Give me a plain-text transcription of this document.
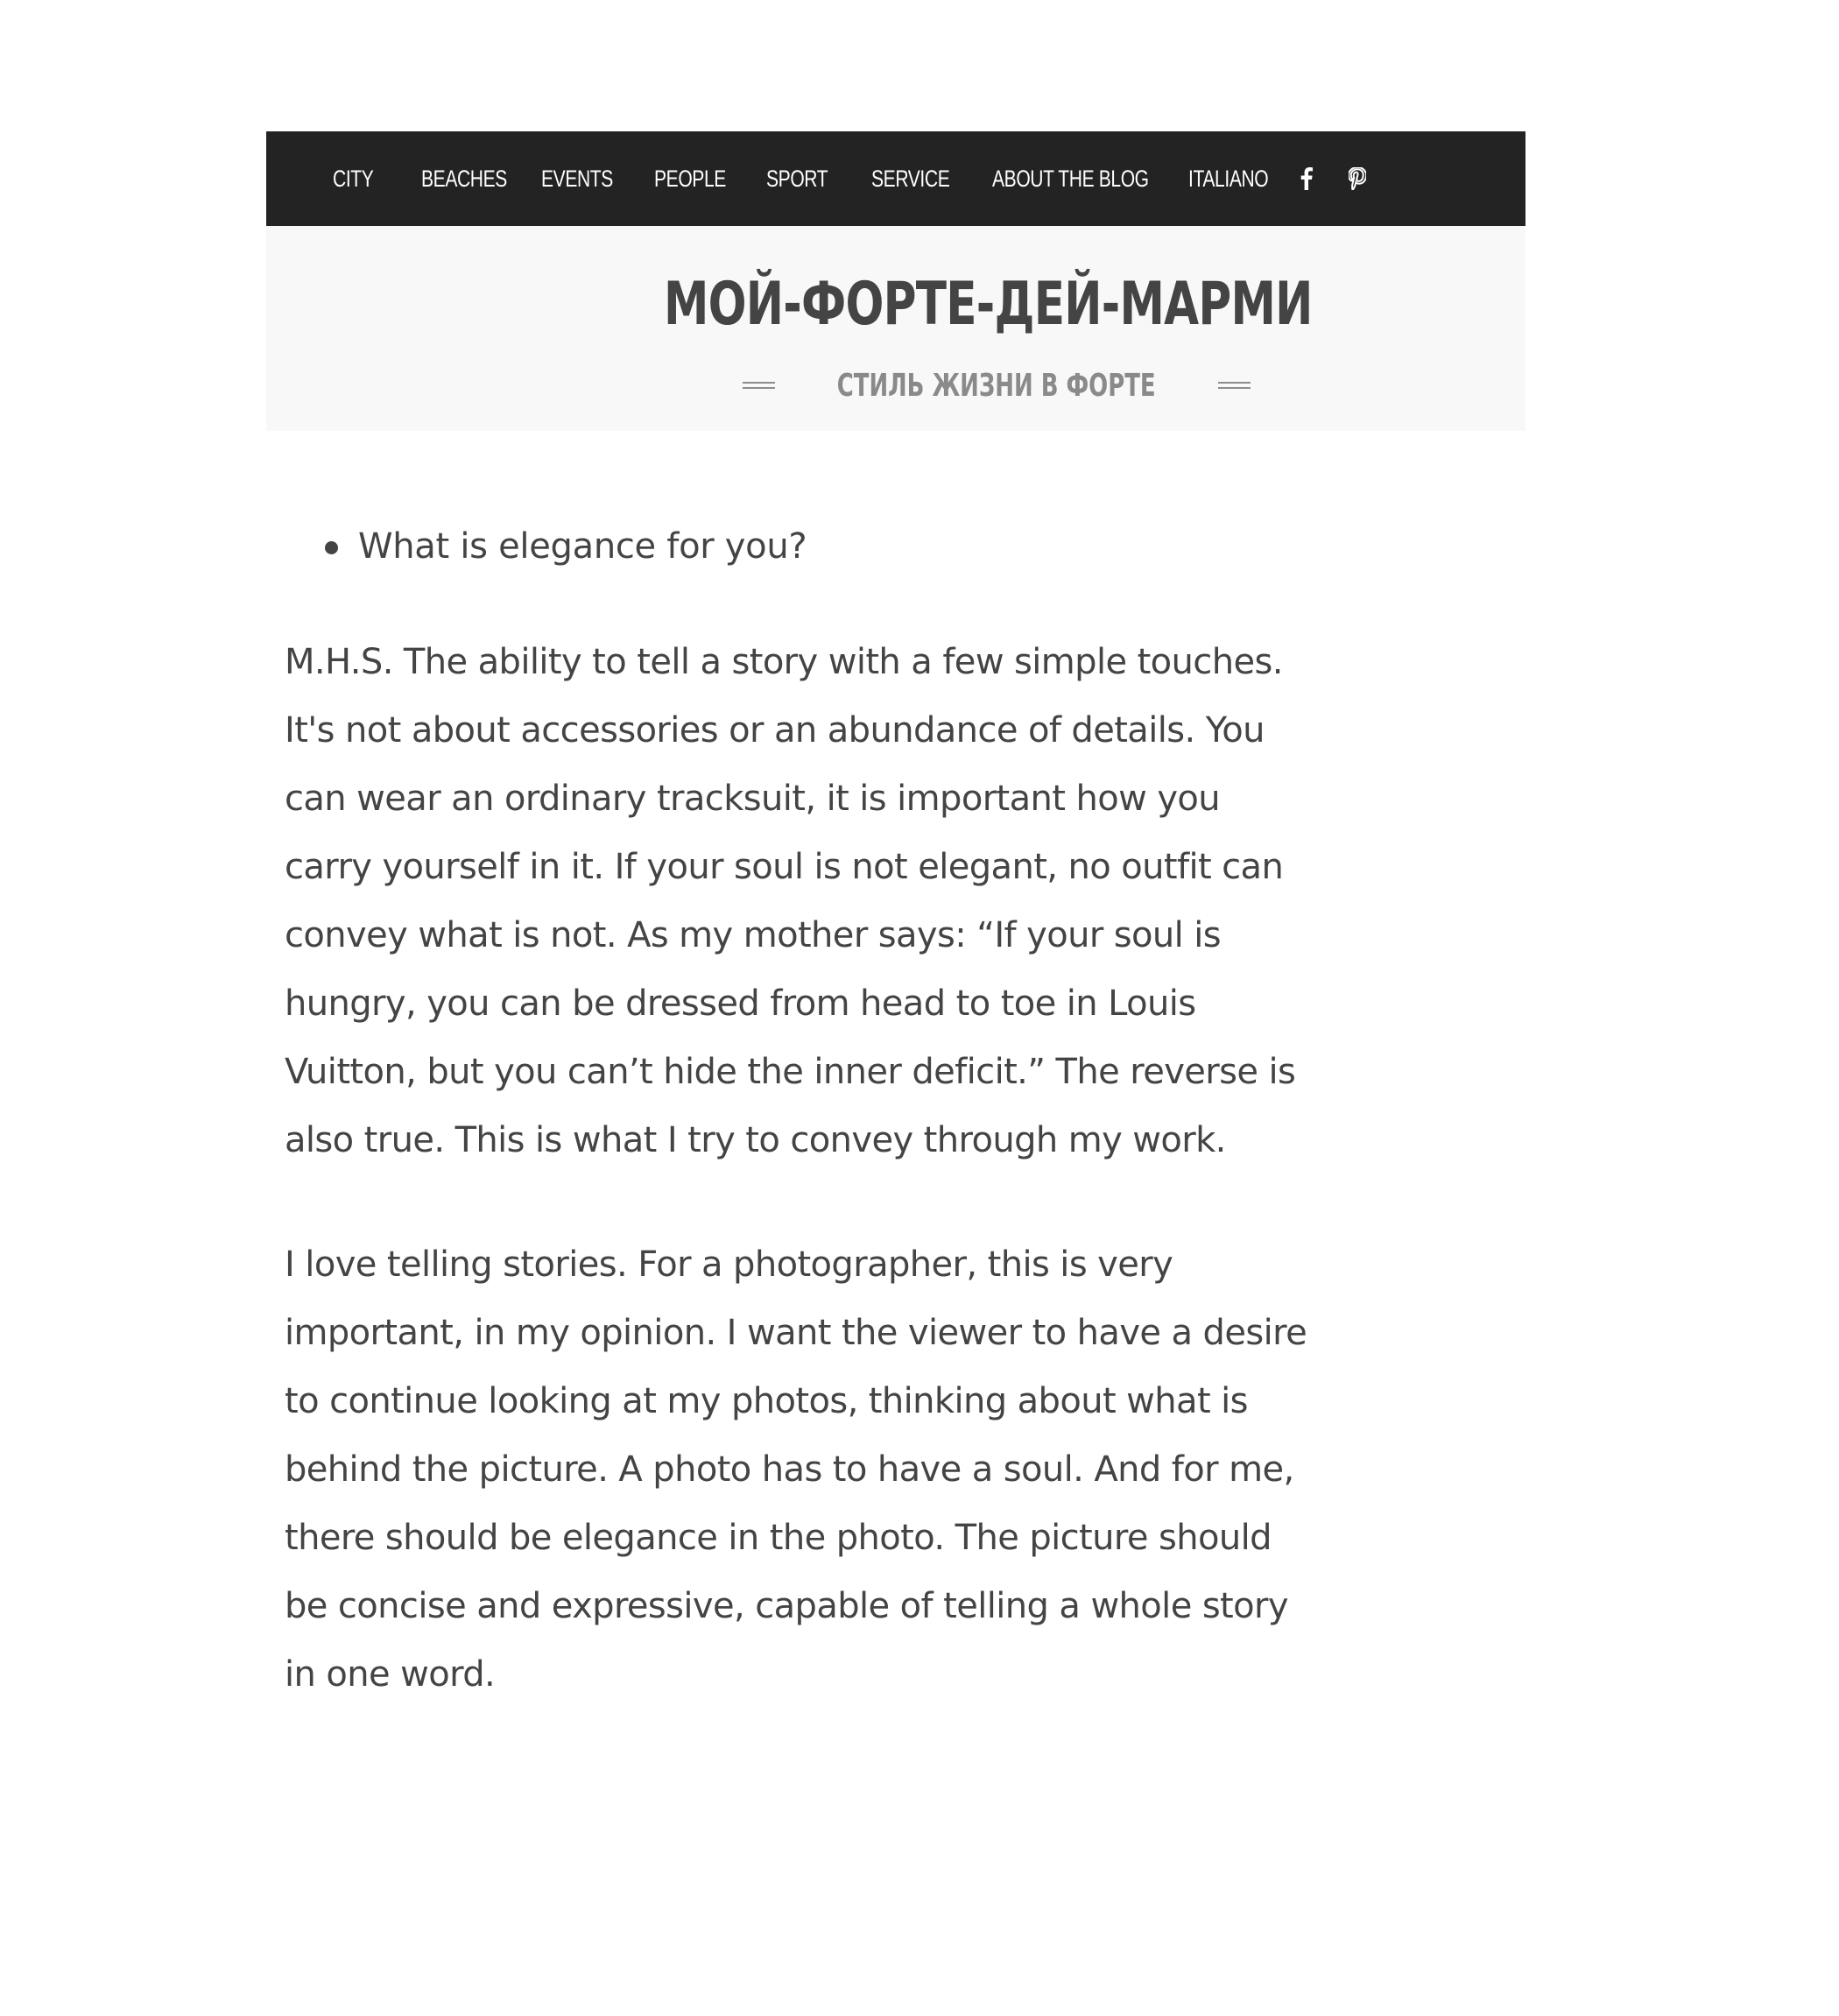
CITY	BEACHES	EVENTS	PEOPLE	SPORT	SERVICE	ABOUT THE BLOG	ITALIANO
МОЙ-ФОРТЕ-ДЕЙ-МАРМИ
СТИЛЬ ЖИЗНИ В ФОРТЕ
What is elegance for you?

M.H.S. The ability to tell a story with a few simple touches.
It's not about accessories or an abundance of details. You
can wear an ordinary tracksuit, it is important how you
carry yourself in it. If your soul is not elegant, no outfit can
convey what is not. As my mother says: “If your soul is
hungry, you can be dressed from head to toe in Louis
Vuitton, but you can’t hide the inner deficit.” The reverse is
also true. This is what I try to convey through my work.

I love telling stories. For a photographer, this is very
important, in my opinion. I want the viewer to have a desire
to continue looking at my photos, thinking about what is
behind the picture. A photo has to have a soul. And for me,
there should be elegance in the photo. The picture should
be concise and expressive, capable of telling a whole story
in one word.
